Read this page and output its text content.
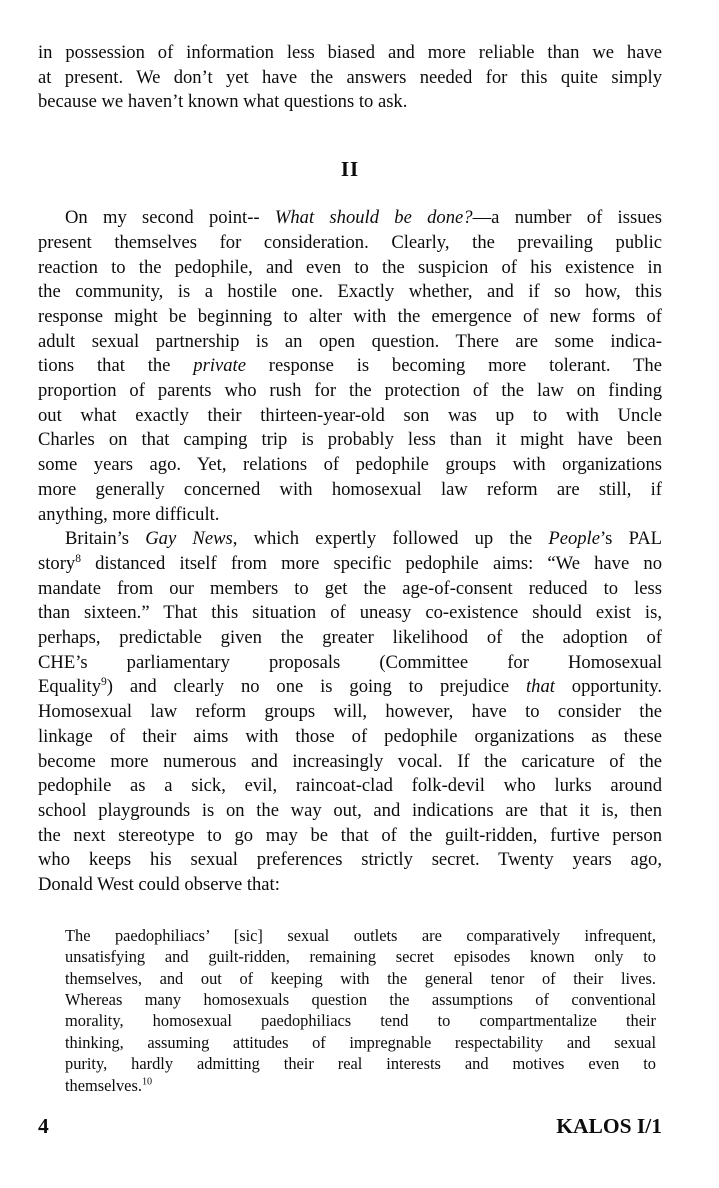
in possession of information less biased and more reliable than we have
at present. We don’t yet have the answers needed for this quite simply
because we haven’t known what questions to ask.
II
On my second point-- What should be done?—a number of issues
present themselves for consideration. Clearly, the prevailing public
reaction to the pedophile, and even to the suspicion of his existence in
the community, is a hostile one. Exactly whether, and if so how, this
response might be beginning to alter with the emergence of new forms of
adult sexual partnership is an open question. There are some indica-
tions that the private response is becoming more tolerant. The
proportion of parents who rush for the protection of the law on finding
out what exactly their thirteen-year-old son was up to with Uncle
Charles on that camping trip is probably less than it might have been
some years ago. Yet, relations of pedophile groups with organizations
more generally concerned with homosexual law reform are still, if
anything, more difficult.
Britain’s Gay News, which expertly followed up the People’s PAL
story$^8$ distanced itself from more specific pedophile aims: “We have no
mandate from our members to get the age-of-consent reduced to less
than sixteen.” That this situation of uneasy co-existence should exist is,
perhaps, predictable given the greater likelihood of the adoption of
CHE’s parliamentary proposals (Committee for Homosexual
Equality$^9$) and clearly no one is going to prejudice that opportunity.
Homosexual law reform groups will, however, have to consider the
linkage of their aims with those of pedophile organizations as these
become more numerous and increasingly vocal. If the caricature of the
pedophile as a sick, evil, raincoat-clad folk-devil who lurks around
school playgrounds is on the way out, and indications are that it is, then
the next stereotype to go may be that of the guilt-ridden, furtive person
who keeps his sexual preferences strictly secret. Twenty years ago,
Donald West could observe that:
The paedophiliacs’ [sic] sexual outlets are comparatively infrequent,
unsatisfying and guilt-ridden, remaining secret episodes known only to
themselves, and out of keeping with the general tenor of their lives.
Whereas many homosexuals question the assumptions of conventional
morality, homosexual paedophiliacs tend to compartmentalize their
thinking, assuming attitudes of impregnable respectability and sexual
purity, hardly admitting their real interests and motives even to
themselves.$^{10}$
4	KALOS I/1
